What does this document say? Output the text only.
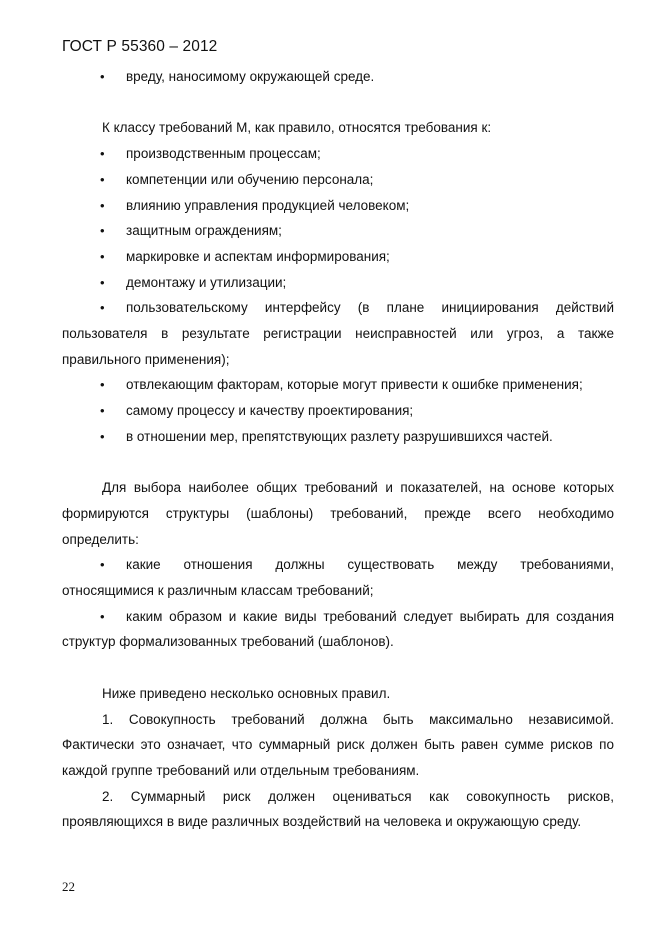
ГОСТ Р 55360 – 2012
• вреду, наносимому окружающей среде.
К классу требований М, как правило, относятся требования к:
• производственным процессам;
• компетенции или обучению персонала;
• влиянию управления продукцией человеком;
• защитным ограждениям;
• маркировке и аспектам информирования;
• демонтажу и утилизации;
• пользовательскому интерфейсу (в плане инициирования действий пользователя в результате регистрации неисправностей или угроз, а также правильного применения);
• отвлекающим факторам, которые могут привести к ошибке применения;
• самому процессу и качеству проектирования;
• в отношении мер, препятствующих разлету разрушившихся частей.
Для выбора наиболее общих требований и показателей, на основе которых формируются структуры (шаблоны) требований, прежде всего необходимо определить:
• какие отношения должны существовать между требованиями, относящимися к различным классам требований;
• каким образом и какие виды требований следует выбирать для создания структур формализованных требований (шаблонов).
Ниже приведено несколько основных правил.
1. Совокупность требований должна быть максимально независимой. Фактически это означает, что суммарный риск должен быть равен сумме рисков по каждой группе требований или отдельным требованиям.
2. Суммарный риск должен оцениваться как совокупность рисков, проявляющихся в виде различных воздействий на человека и окружающую среду.
22
